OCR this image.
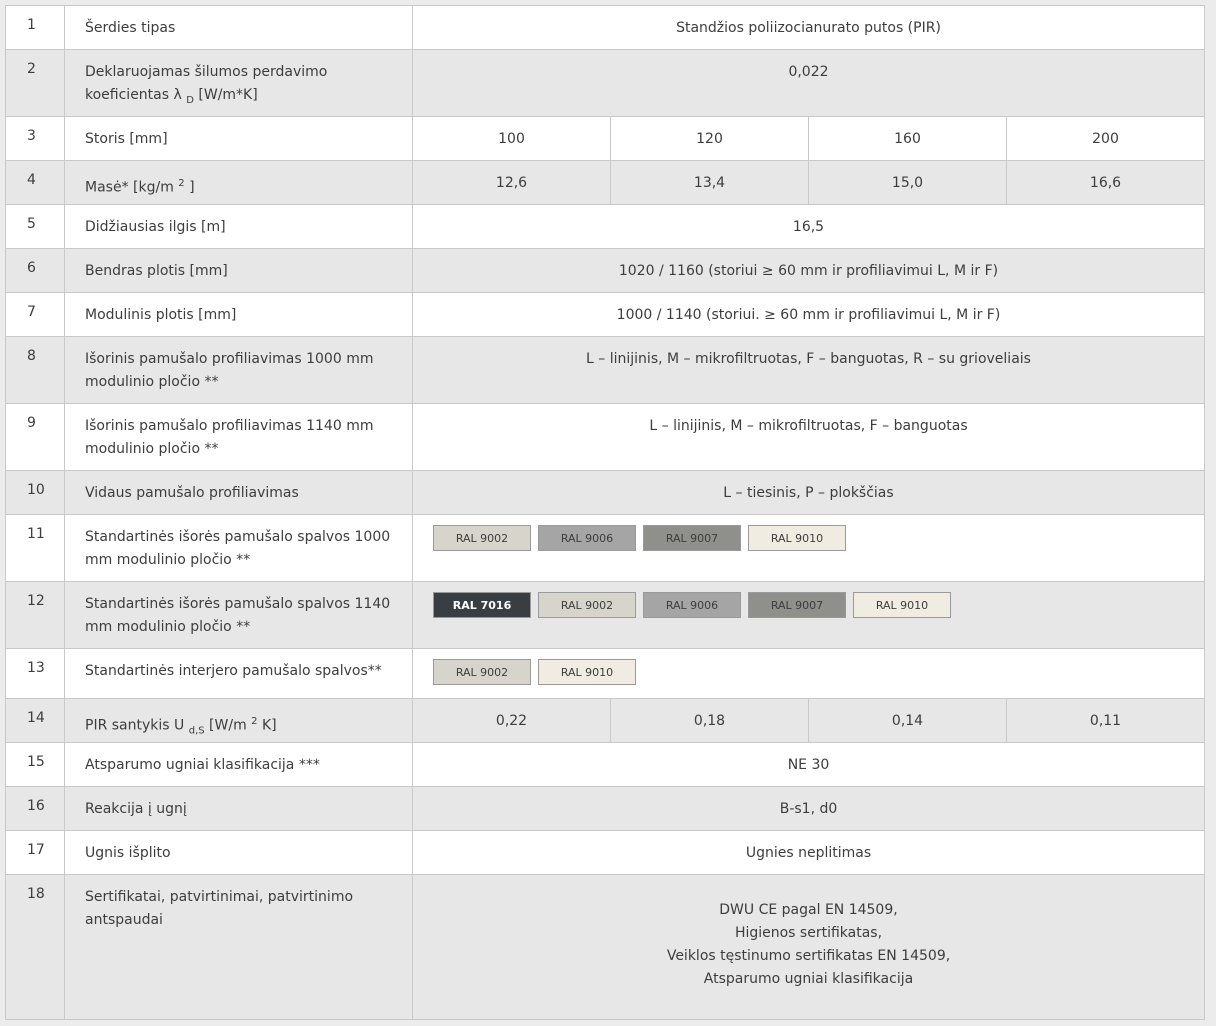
1	Šerdies tipas	Standžios poliizocianurato putos (PIR)			
2	Deklaruojamas šilumos perdavimo
koeficientas λ $_D$ [W/m*K]	0,022			
3	Storis [mm]	100	120	160	200
4	Masė* [kg/m $^2$ ]	12,6	13,4	15,0	16,6
5	Didžiausias ilgis [m]	16,5			
6	Bendras plotis [mm]	1020 / 1160 (storiui ≥ 60 mm ir profiliavimui L, M ir F)			
7	Modulinis plotis [mm]	1000 / 1140 (storiui. ≥ 60 mm ir profiliavimui L, M ir F)			
8	Išorinis pamušalo profiliavimas 1000 mm modulinio pločio **	L – linijinis, M – mikrofiltruotas, F – banguotas, R – su grioveliais			
9	Išorinis pamušalo profiliavimas 1140 mm modulinio pločio **	L – linijinis, M – mikrofiltruotas, F – banguotas			
10	Vidaus pamušalo profiliavimas	L – tiesinis, P – plokščias			
11	Standartinės išorės pamušalo spalvos 1000 mm modulinio pločio **	RAL 9002 RAL 9006 RAL 9007 RAL 9010			

12	Standartinės išorės pamušalo spalvos 1140 mm modulinio pločio **	RAL 7016 RAL 9002 RAL 9006 RAL 9007 RAL 9010			

13	Standartinės interjero pamušalo spalvos**	RAL 9002 RAL 9010			

14	PIR santykis U $_{d,S}$ [W/m $^2$ K]	0,22	0,18	0,14	0,11
15	Atsparumo ugniai klasifikacija ***	NE 30			
16	Reakcija į ugnį	B-s1, d0			
17	Ugnis išplito	Ugnies neplitimas			
18	Sertifikatai, patvirtinimai, patvirtinimo antspaudai	DWU CE pagal EN 14509,
Higienos sertifikatas,
Veiklos tęstinumo sertifikatas EN 14509,
Atsparumo ugniai klasifikacija			
